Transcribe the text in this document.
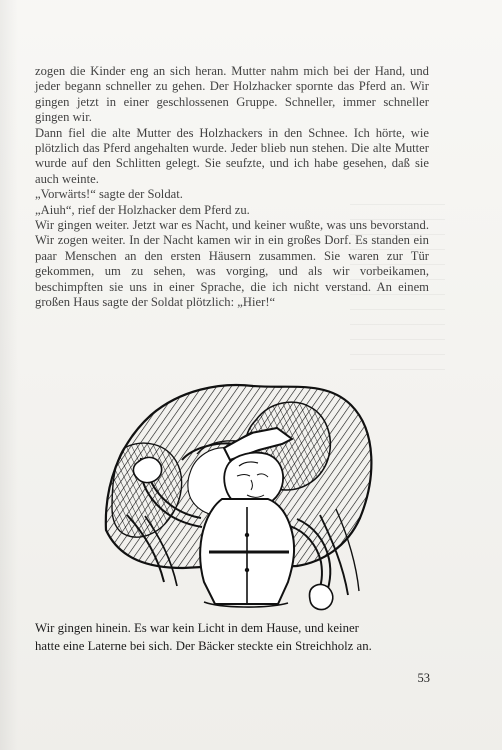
zogen die Kinder eng an sich heran. Mutter nahm mich bei der Hand, und jeder begann schneller zu gehen. Der Holzhacker spornte das Pferd an. Wir gingen jetzt in einer geschlossenen Gruppe. Schneller, immer schneller gingen wir.

Dann fiel die alte Mutter des Holzhackers in den Schnee. Ich hörte, wie plötzlich das Pferd angehalten wurde. Jeder blieb nun stehen. Die alte Mutter wurde auf den Schlitten gelegt. Sie seufzte, und ich habe gesehen, daß sie auch weinte.

„Vorwärts!“ sagte der Soldat.

„Aiuh“, rief der Holzhacker dem Pferd zu.

Wir gingen weiter. Jetzt war es Nacht, und keiner wußte, was uns bevorstand. Wir zogen weiter. In der Nacht kamen wir in ein großes Dorf. Es standen ein paar Menschen an den ersten Häusern zusammen. Sie waren zur Tür gekommen, um zu sehen, was vorging, und als wir vorbeikamen, beschimpften sie uns in einer Sprache, die ich nicht verstand. An einem großen Haus sagte der Soldat plötzlich: „Hier!“

Wir gingen hinein. Es war kein Licht in dem Hause, und keiner
hatte eine Laterne bei sich. Der Bäcker steckte ein Streichholz an.
53
